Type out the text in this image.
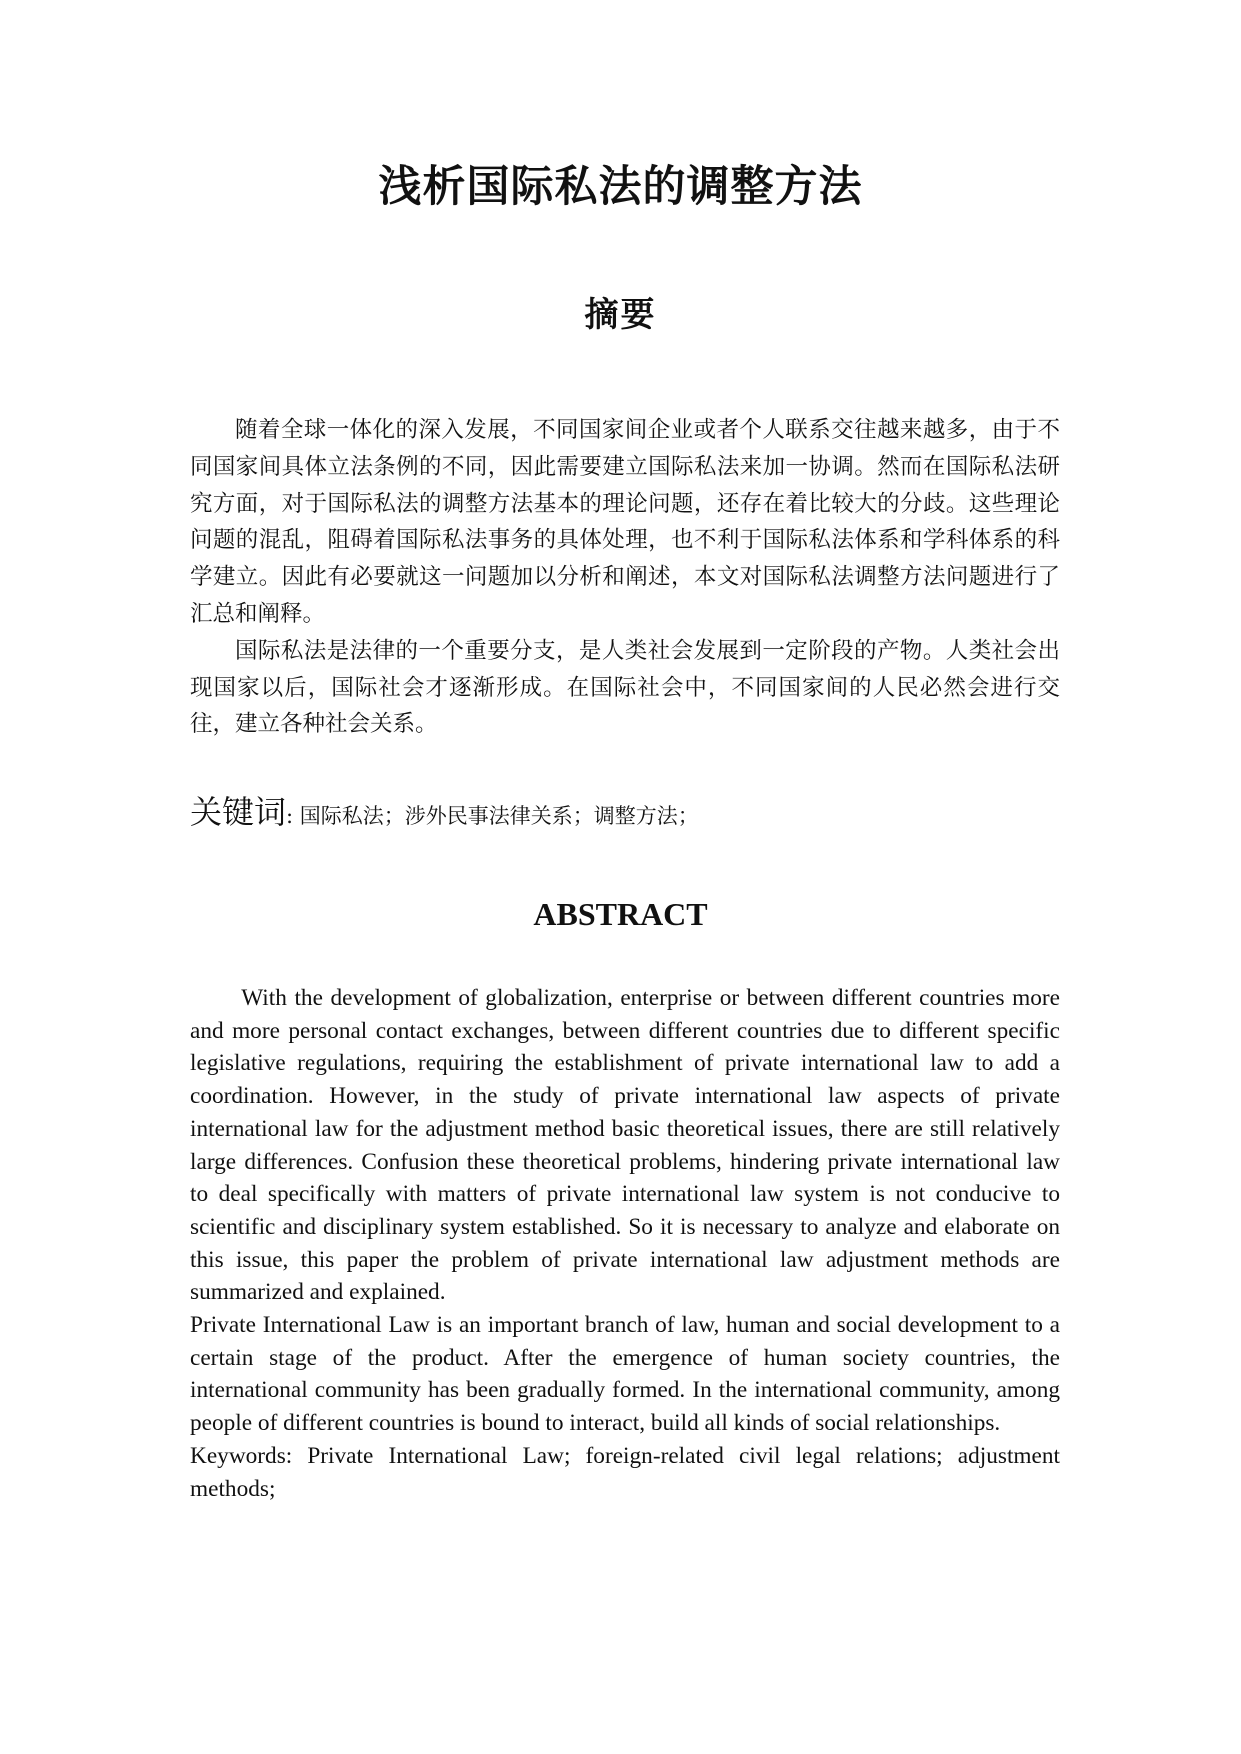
浅析国际私法的调整方法
摘要

随着全球一体化的深入发展，不同国家间企业或者个人联系交往越来越多，由于不同国家间具体立法条例的不同，因此需要建立国际私法来加一协调。然而在国际私法研究方面，对于国际私法的调整方法基本的理论问题，还存在着比较大的分歧。这些理论问题的混乱，阻碍着国际私法事务的具体处理，也不利于国际私法体系和学科体系的科学建立。因此有必要就这一问题加以分析和阐述，本文对国际私法调整方法问题进行了汇总和阐释。

国际私法是法律的一个重要分支，是人类社会发展到一定阶段的产物。人类社会出现国家以后，国际社会才逐渐形成。在国际社会中，不同国家间的人民必然会进行交往，建立各种社会关系。

关键词: 国际私法；涉外民事法律关系；调整方法；
ABSTRACT

With the development of globalization, enterprise or between different countries more and more personal contact exchanges, between different countries due to different specific legislative regulations, requiring the establishment of private international law to add a coordination. However, in the study of private international law aspects of private international law for the adjustment method basic theoretical issues, there are still relatively large differences. Confusion these theoretical problems, hindering private international law to deal specifically with matters of private international law system is not conducive to scientific and disciplinary system established. So it is necessary to analyze and elaborate on this issue, this paper the problem of private international law adjustment methods are summarized and explained.

Private International Law is an important branch of law, human and social development to a certain stage of the product. After the emergence of human society countries, the international community has been gradually formed. In the international community, among people of different countries is bound to interact, build all kinds of social relationships.

Keywords: Private International Law; foreign-related civil legal relations; adjustment methods;
